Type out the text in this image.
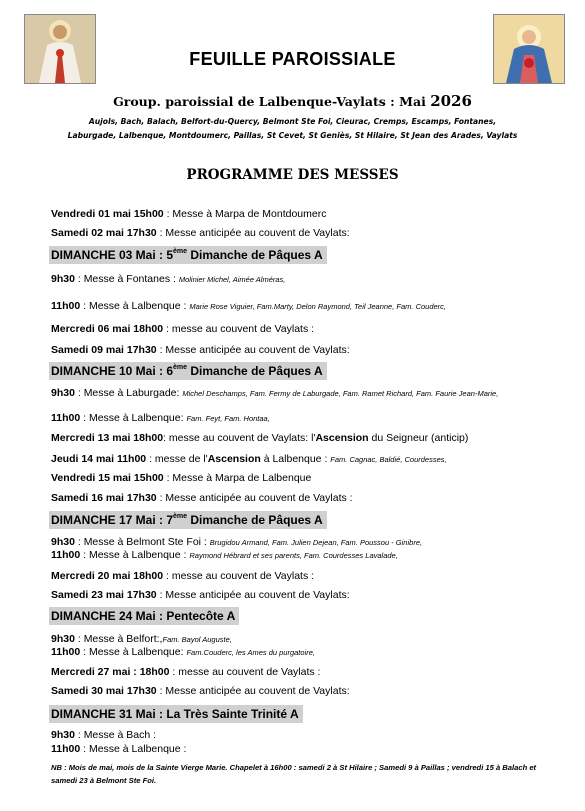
FEUILLE PAROISSIALE
Group. paroissial de Lalbenque-Vaylats : Mai 2026
Aujols, Bach, Balach, Belfort-du-Quercy, Belmont Ste Foi, Cieurac, Cremps, Escamps, Fontanes,
Laburgade, Lalbenque, Montdoumerc, Paillas, St Cevet, St Geniès, St Hilaire, St Jean des Arades, Vaylats
PROGRAMME DES MESSES
Vendredi 01 mai 15h00 : Messe à Marpa de Montdoumerc
Samedi 02 mai 17h30 : Messe anticipée au couvent de Vaylats:
DIMANCHE 03 Mai : 5ème Dimanche de Pâques A
9h30 : Messe à Fontanes : Molinier Michel, Aimée Alméras,
11h00 : Messe à Lalbenque : Marie Rose Viguier, Fam.Marty, Delon Raymond, Teil Jeanne, Fam. Couderc,
Mercredi 06 mai 18h00 : messe au couvent de Vaylats :
Samedi 09 mai 17h30 : Messe anticipée au couvent de Vaylats:
DIMANCHE 10 Mai : 6ème Dimanche de Pâques A
9h30 : Messe à Laburgade: Michel Deschamps, Fam. Fermy de Laburgade, Fam. Ramet Richard, Fam. Faurie Jean-Marie,
11h00 : Messe à Lalbenque: Fam. Feyt, Fam. Hontaa,
Mercredi 13 mai 18h00: messe au couvent de Vaylats: l'Ascension du Seigneur (anticip)
Jeudi 14 mai 11h00 : messe de l'Ascension à Lalbenque : Fam. Cagnac, Baldié, Courdesses,
Vendredi 15 mai 15h00 : Messe à Marpa de Lalbenque
Samedi 16 mai 17h30 : Messe anticipée au couvent de Vaylats :
DIMANCHE 17 Mai : 7ème Dimanche de Pâques A
9h30 : Messe à Belmont Ste Foi : Brugidou Armand, Fam. Julien Dejean, Fam. Poussou - Ginibre,
11h00 : Messe à Lalbenque : Raymond Hébrard et ses parents, Fam. Courdesses Lavalade,
Mercredi 20 mai 18h00 : messe au couvent de Vaylats :
Samedi 23 mai 17h30 : Messe anticipée au couvent de Vaylats:
DIMANCHE 24 Mai : Pentecôte A
9h30 : Messe à Belfort:,Fam. Bayol Auguste,
11h00 : Messe à Lalbenque: Fam.Couderc, les Ames du purgatoire,
Mercredi 27 mai : 18h00 : messe au couvent de Vaylats :
Samedi 30 mai 17h30 : Messe anticipée au couvent de Vaylats:
DIMANCHE 31 Mai : La Très Sainte Trinité A
9h30 : Messe à Bach :
11h00 : Messe à Lalbenque :
NB : Mois de mai, mois de la Sainte Vierge Marie. Chapelet à 16h00 : samedi 2 à St Hilaire ; Samedi 9 à Paillas ; vendredi 15 à Balach et samedi 23 à Belmont Ste Foi.
